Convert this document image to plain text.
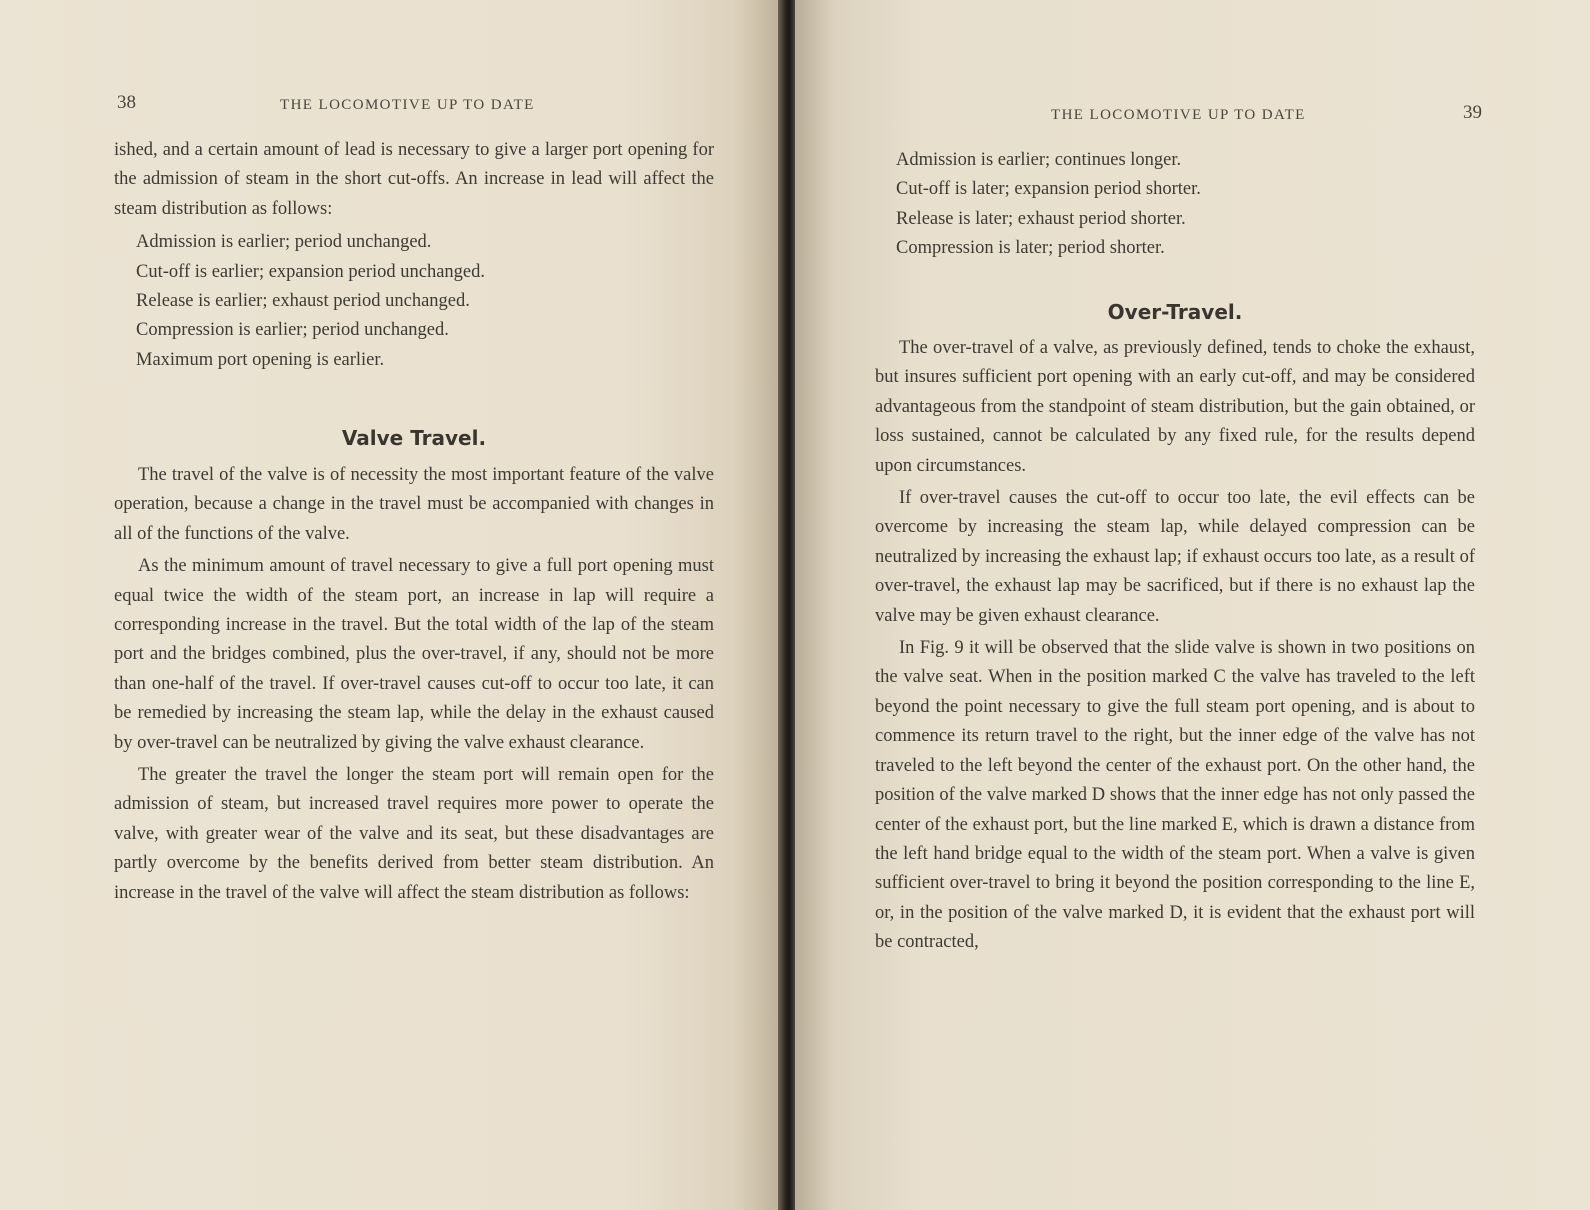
38	THE LOCOMOTIVE UP TO DATE

ished, and a certain amount of lead is necessary to give a larger port opening for the admission of steam in the short cut-offs. An increase in lead will affect the steam distribution as follows:

Admission is earlier; period unchanged.
Cut-off is earlier; expansion period unchanged.
Release is earlier; exhaust period unchanged.
Compression is earlier; period unchanged.
Maximum port opening is earlier.
Valve Travel.

The travel of the valve is of necessity the most important feature of the valve operation, because a change in the travel must be accompanied with changes in all of the functions of the valve.

As the minimum amount of travel necessary to give a full port opening must equal twice the width of the steam port, an increase in lap will require a corresponding increase in the travel. But the total width of the lap of the steam port and the bridges combined, plus the over-travel, if any, should not be more than one-half of the travel. If over-travel causes cut-off to occur too late, it can be remedied by increasing the steam lap, while the delay in the exhaust caused by over-travel can be neutralized by giving the valve exhaust clearance.

The greater the travel the longer the steam port will remain open for the admission of steam, but increased travel requires more power to operate the valve, with greater wear of the valve and its seat, but these disadvantages are partly overcome by the benefits derived from better steam distribution. An increase in the travel of the valve will affect the steam distribution as follows:

THE LOCOMOTIVE UP TO DATE	39
Admission is earlier; continues longer.
Cut-off is later; expansion period shorter.
Release is later; exhaust period shorter.
Compression is later; period shorter.
Over-Travel.

The over-travel of a valve, as previously defined, tends to choke the exhaust, but insures sufficient port opening with an early cut-off, and may be considered advantageous from the standpoint of steam distribution, but the gain obtained, or loss sustained, cannot be calculated by any fixed rule, for the results depend upon circumstances.

If over-travel causes the cut-off to occur too late, the evil effects can be overcome by increasing the steam lap, while delayed compression can be neutralized by increasing the exhaust lap; if exhaust occurs too late, as a result of over-travel, the exhaust lap may be sacrificed, but if there is no exhaust lap the valve may be given exhaust clearance.

In Fig. 9 it will be observed that the slide valve is shown in two positions on the valve seat. When in the position marked C the valve has traveled to the left beyond the point necessary to give the full steam port opening, and is about to commence its return travel to the right, but the inner edge of the valve has not traveled to the left beyond the center of the exhaust port. On the other hand, the position of the valve marked D shows that the inner edge has not only passed the center of the exhaust port, but the line marked E, which is drawn a distance from the left hand bridge equal to the width of the steam port. When a valve is given sufficient over-travel to bring it beyond the position corresponding to the line E, or, in the position of the valve marked D, it is evident that the exhaust port will be contracted,
